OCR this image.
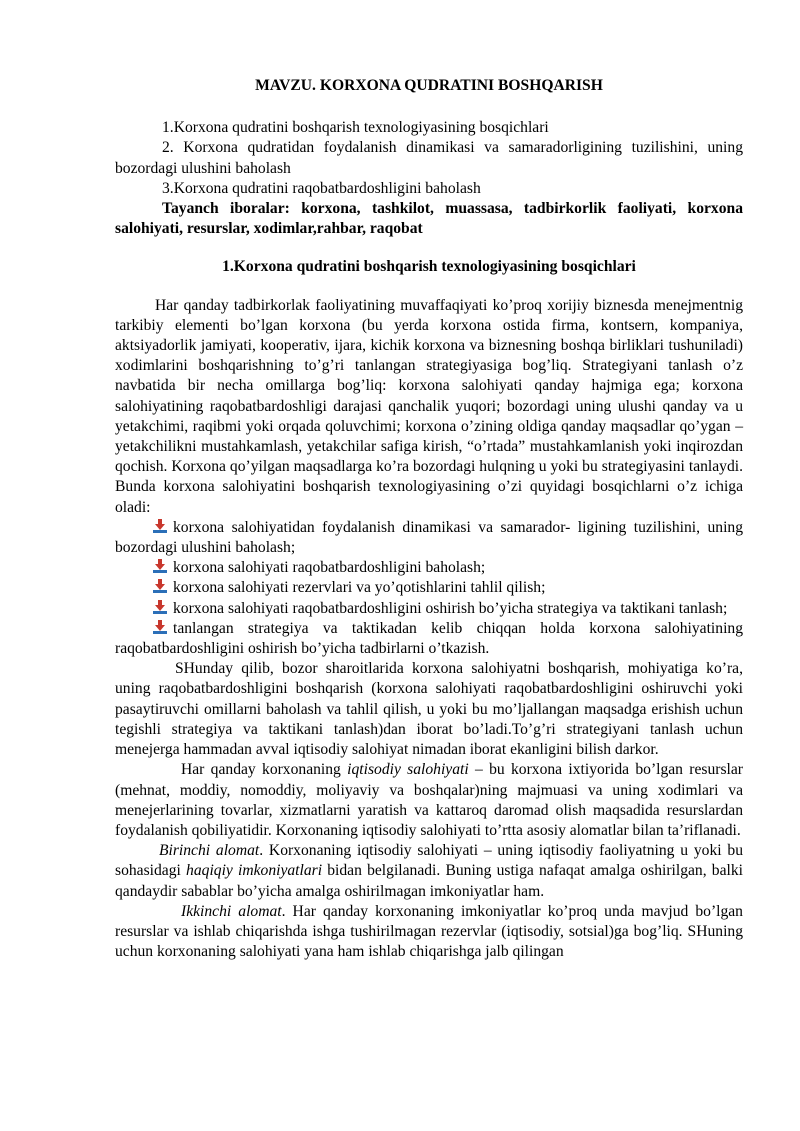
MAVZU. KORXONA QUDRATINI BOSHQARISH

1.Korxona qudratini boshqarish texnologiyasining bosqichlari

2. Korxona qudratidan foydalanish dinamikasi va samaradorligining tuzilishini, uning bozordagi ulushini baholash

3.Korxona qudratini raqobatbardoshligini baholash

Tayanch iboralar: korxona, tashkilot, muassasa, tadbirkorlik faoliyati, korxona salohiyati, resurslar, xodimlar,rahbar, raqobat

1.Korxona qudratini boshqarish texnologiyasining bosqichlari

Har qanday tadbirkorlak faoliyatining muvaffaqiyati ko’proq xorijiy biznesda menejmentnig tarkibiy elementi bo’lgan korxona (bu yerda korxona ostida firma, kontsern, kompaniya, aktsiyadorlik jamiyati, kooperativ, ijara, kichik korxona va biznesning boshqa birliklari tushuniladi) xodimlarini boshqarishning to’g’ri tanlangan strategiyasiga bog’liq. Strategiyani tanlash o’z navbatida bir necha omillarga bog’liq: korxona salohiyati qanday hajmiga ega; korxona salohiyatining raqobatbardoshligi darajasi qanchalik yuqori; bozordagi uning ulushi qanday va u yetakchimi, raqibmi yoki orqada qoluvchimi; korxona o’zining oldiga qanday maqsadlar qo’ygan – yetakchilikni mustahkamlash, yetakchilar safiga kirish, “o’rtada” mustahkamlanish yoki inqirozdan qochish. Korxona qo’yilgan maqsadlarga ko’ra bozordagi hulqning u yoki bu strategiyasini tanlaydi. Bunda korxona salohiyatini boshqarish texnologiyasining o’zi quyidagi bosqichlarni o’z ichiga oladi:

korxona salohiyatidan foydalanish dinamikasi va samarador- ligining tuzilishini, uning bozordagi ulushini baholash;

korxona salohiyati raqobatbardoshligini baholash;

korxona salohiyati rezervlari va yo’qotishlarini tahlil qilish;

korxona salohiyati raqobatbardoshligini oshirish bo’yicha strategiya va taktikani tanlash;

tanlangan strategiya va taktikadan kelib chiqqan holda korxona salohiyatining raqobatbardoshligini oshirish bo’yicha tadbirlarni o’tkazish.

SHunday qilib, bozor sharoitlarida korxona salohiyatni boshqarish, mohiyatiga ko’ra, uning raqobatbardoshligini boshqarish (korxona salohiyati raqobatbardoshligini oshiruvchi yoki pasaytiruvchi omillarni baholash va tahlil qilish, u yoki bu mo’ljallangan maqsadga erishish uchun tegishli strategiya va taktikani tanlash)dan iborat bo’ladi.To’g’ri strategiyani tanlash uchun menejerga hammadan avval iqtisodiy salohiyat nimadan iborat ekanligini bilish darkor.

Har qanday korxonaning iqtisodiy salohiyati – bu korxona ixtiyorida bo’lgan resurslar (mehnat, moddiy, nomoddiy, moliyaviy va boshqalar)ning majmuasi va uning xodimlari va menejerlarining tovarlar, xizmatlarni yaratish va kattaroq daromad olish maqsadida resurslardan foydalanish qobiliyatidir. Korxonaning iqtisodiy salohiyati to’rtta asosiy alomatlar bilan ta’riflanadi.

Birinchi alomat. Korxonaning iqtisodiy salohiyati – uning iqtisodiy faoliyatning u yoki bu sohasidagi haqiqiy imkoniyatlari bidan belgilanadi. Buning ustiga nafaqat amalga oshirilgan, balki qandaydir sabablar bo’yicha amalga oshirilmagan imkoniyatlar ham.

Ikkinchi alomat. Har qanday korxonaning imkoniyatlar ko’proq unda mavjud bo’lgan resurslar va ishlab chiqarishda ishga tushirilmagan rezervlar (iqtisodiy, sotsial)ga bog’liq. SHuning uchun korxonaning salohiyati yana ham ishlab chiqarishga jalb qilingan
